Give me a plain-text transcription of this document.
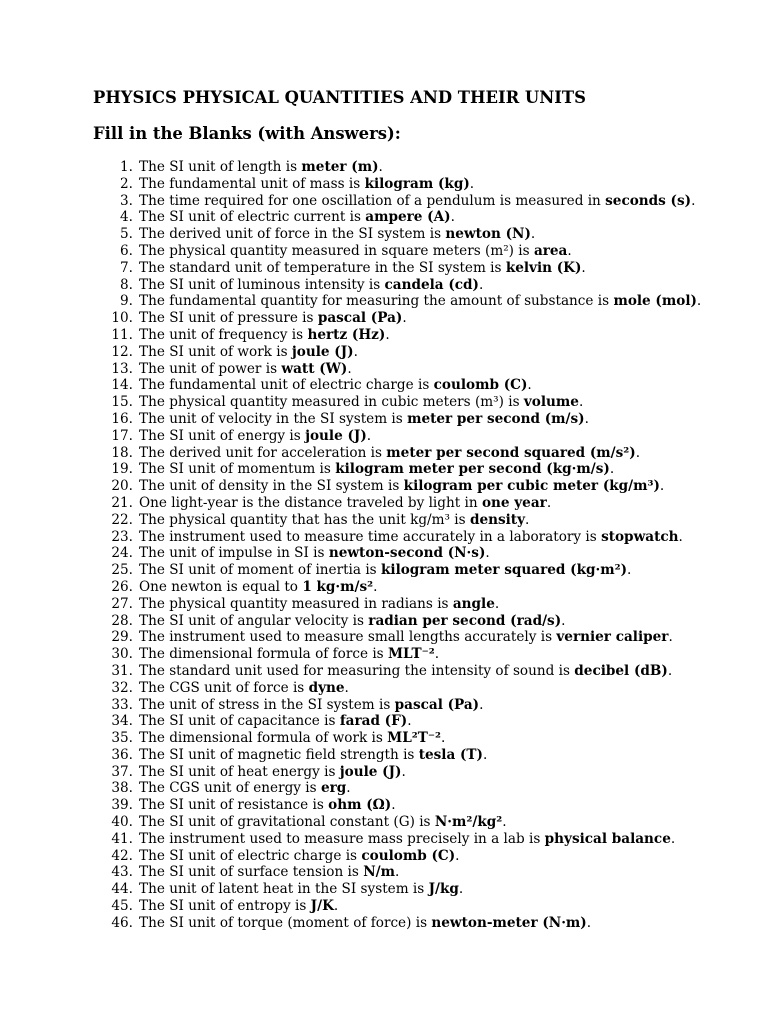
PHYSICS PHYSICAL QUANTITIES AND THEIR UNITS
Fill in the Blanks (with Answers):
1. The SI unit of length is meter (m).
2. The fundamental unit of mass is kilogram (kg).
3. The time required for one oscillation of a pendulum is measured in seconds (s).
4. The SI unit of electric current is ampere (A).
5. The derived unit of force in the SI system is newton (N).
6. The physical quantity measured in square meters (m²) is area.
7. The standard unit of temperature in the SI system is kelvin (K).
8. The SI unit of luminous intensity is candela (cd).
9. The fundamental quantity for measuring the amount of substance is mole (mol).
10. The SI unit of pressure is pascal (Pa).
11. The unit of frequency is hertz (Hz).
12. The SI unit of work is joule (J).
13. The unit of power is watt (W).
14. The fundamental unit of electric charge is coulomb (C).
15. The physical quantity measured in cubic meters (m³) is volume.
16. The unit of velocity in the SI system is meter per second (m/s).
17. The SI unit of energy is joule (J).
18. The derived unit for acceleration is meter per second squared (m/s²).
19. The SI unit of momentum is kilogram meter per second (kg·m/s).
20. The unit of density in the SI system is kilogram per cubic meter (kg/m³).
21. One light-year is the distance traveled by light in one year.
22. The physical quantity that has the unit kg/m³ is density.
23. The instrument used to measure time accurately in a laboratory is stopwatch.
24. The unit of impulse in SI is newton-second (N·s).
25. The SI unit of moment of inertia is kilogram meter squared (kg·m²).
26. One newton is equal to 1 kg·m/s².
27. The physical quantity measured in radians is angle.
28. The SI unit of angular velocity is radian per second (rad/s).
29. The instrument used to measure small lengths accurately is vernier caliper.
30. The dimensional formula of force is MLT⁻².
31. The standard unit used for measuring the intensity of sound is decibel (dB).
32. The CGS unit of force is dyne.
33. The unit of stress in the SI system is pascal (Pa).
34. The SI unit of capacitance is farad (F).
35. The dimensional formula of work is ML²T⁻².
36. The SI unit of magnetic field strength is tesla (T).
37. The SI unit of heat energy is joule (J).
38. The CGS unit of energy is erg.
39. The SI unit of resistance is ohm (Ω).
40. The SI unit of gravitational constant (G) is N·m²/kg².
41. The instrument used to measure mass precisely in a lab is physical balance.
42. The SI unit of electric charge is coulomb (C).
43. The SI unit of surface tension is N/m.
44. The unit of latent heat in the SI system is J/kg.
45. The SI unit of entropy is J/K.
46. The SI unit of torque (moment of force) is newton-meter (N·m).
